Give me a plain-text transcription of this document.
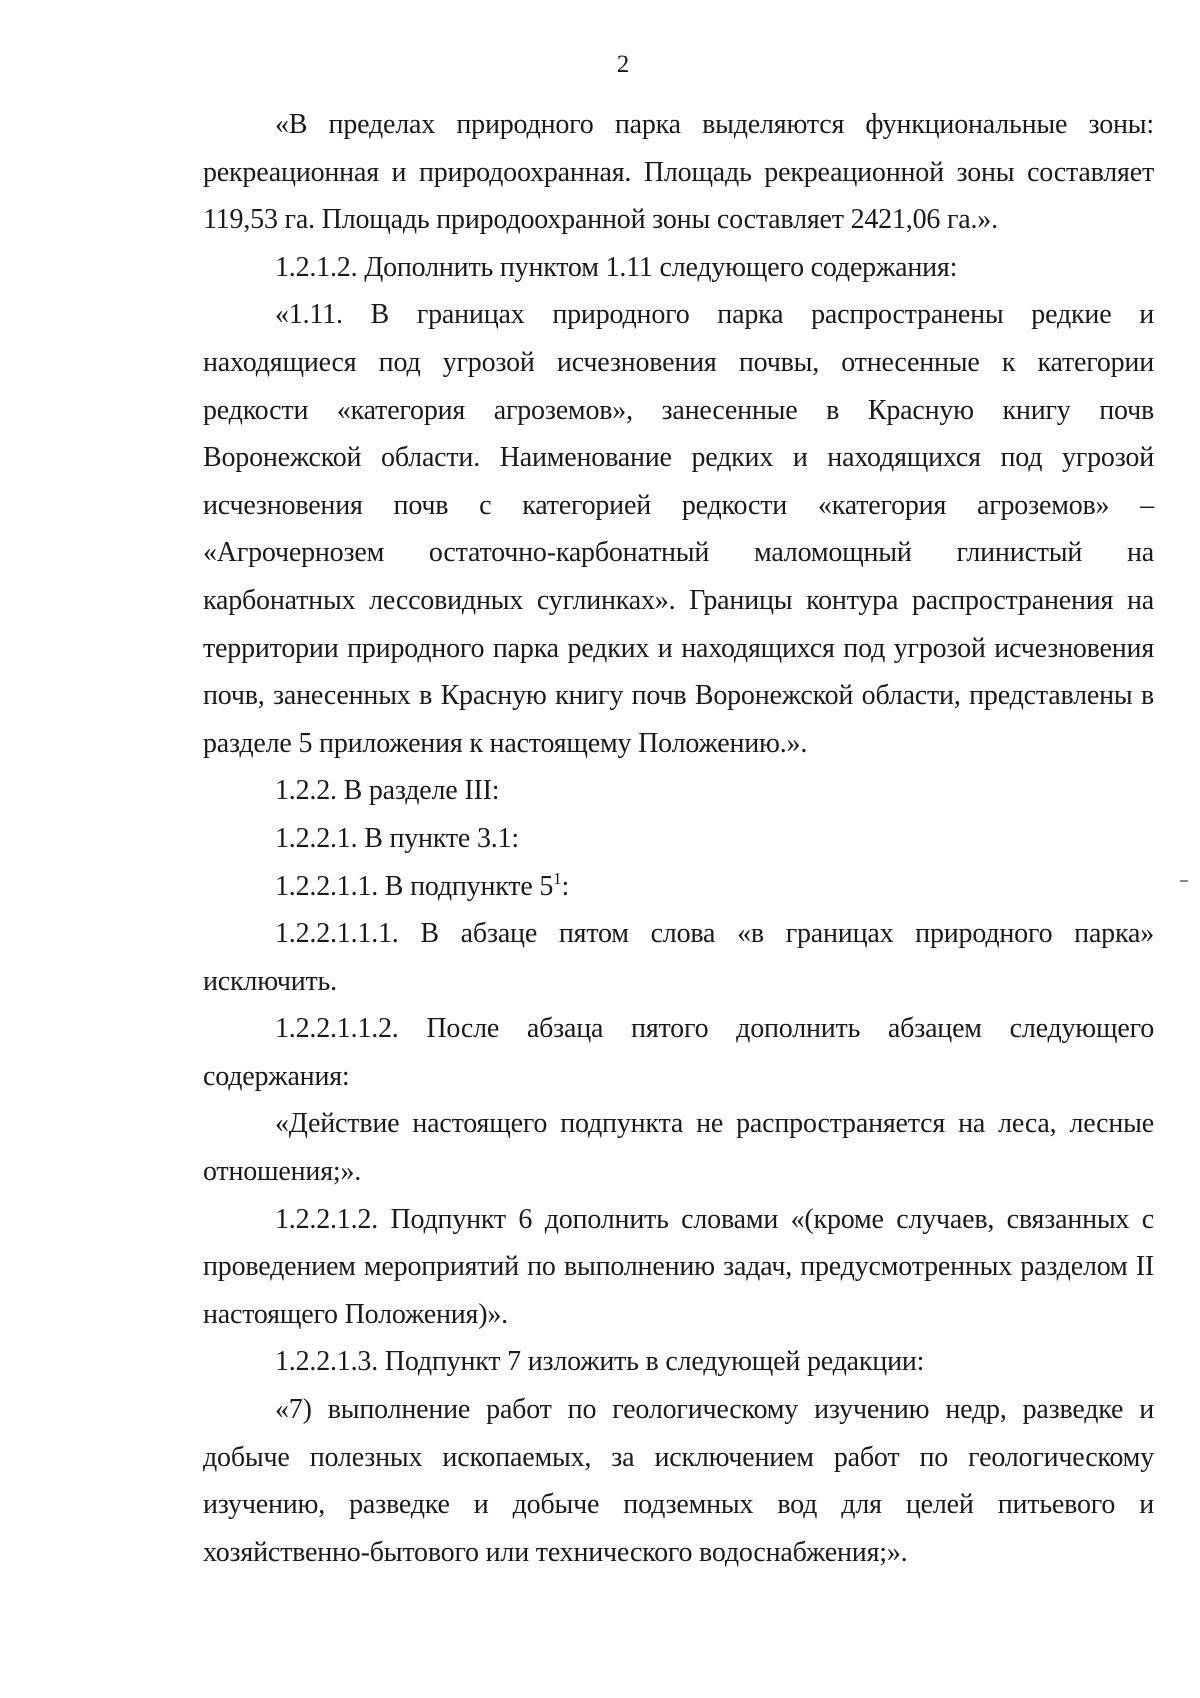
2

«В пределах природного парка выделяются функциональные зоны: рекреационная и природоохранная. Площадь рекреационной зоны составляет 119,53 га. Площадь природоохранной зоны составляет 2421,06 га.».

1.2.1.2. Дополнить пунктом 1.11 следующего содержания:

«1.11. В границах природного парка распространены редкие и находящиеся под угрозой исчезновения почвы, отнесенные к категории редкости «категория агроземов», занесенные в Красную книгу почв Воронежской области. Наименование редких и находящихся под угрозой исчезновения почв с категорией редкости «категория агроземов» – «Агрочернозем остаточно-карбонатный маломощный глинистый на карбонатных лессовидных суглинках». Границы контура распространения на территории природного парка редких и находящихся под угрозой исчезновения почв, занесенных в Красную книгу почв Воронежской области, представлены в разделе 5 приложения к настоящему Положению.».

1.2.2. В разделе III:

1.2.2.1. В пункте 3.1:

1.2.2.1.1. В подпункте $5^1$:

1.2.2.1.1.1. В абзаце пятом слова «в границах природного парка» исключить.

1.2.2.1.1.2. После абзаца пятого дополнить абзацем следующего содержания:

«Действие настоящего подпункта не распространяется на леса, лесные отношения;».

1.2.2.1.2. Подпункт 6 дополнить словами «(кроме случаев, связанных с проведением мероприятий по выполнению задач, предусмотренных разделом II настоящего Положения)».

1.2.2.1.3. Подпункт 7 изложить в следующей редакции:

«7) выполнение работ по геологическому изучению недр, разведке и добыче полезных ископаемых, за исключением работ по геологическому изучению, разведке и добыче подземных вод для целей питьевого и хозяйственно-бытового или технического водоснабжения;».
